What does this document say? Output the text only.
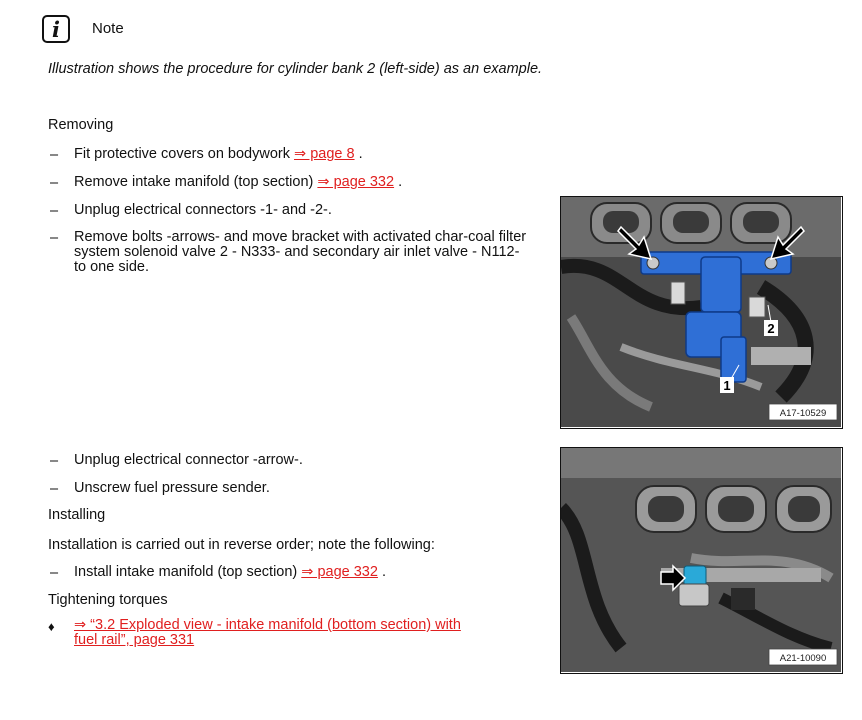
i Note
Illustration shows the procedure for cylinder bank 2 (left-side) as an example.
Removing
– Fit protective covers on bodywork ⇒ page 8 .
– Remove intake manifold (top section) ⇒ page 332 .
– Unplug electrical connectors -1- and -2-.
– Remove bolts -arrows- and move bracket with activated char-coal filter system solenoid valve 2 - N333- and secondary air inlet valve - N112- to one side.
– Unplug electrical connector -arrow-.
– Unscrew fuel pressure sender.
Installing
Installation is carried out in reverse order; note the following:
– Install intake manifold (top section) ⇒ page 332 .
Tightening torques
♦ ⇒ “3.2 Exploded view - intake manifold (bottom section) with
fuel rail”, page 331
2
1
A17-10529
A21-10090
